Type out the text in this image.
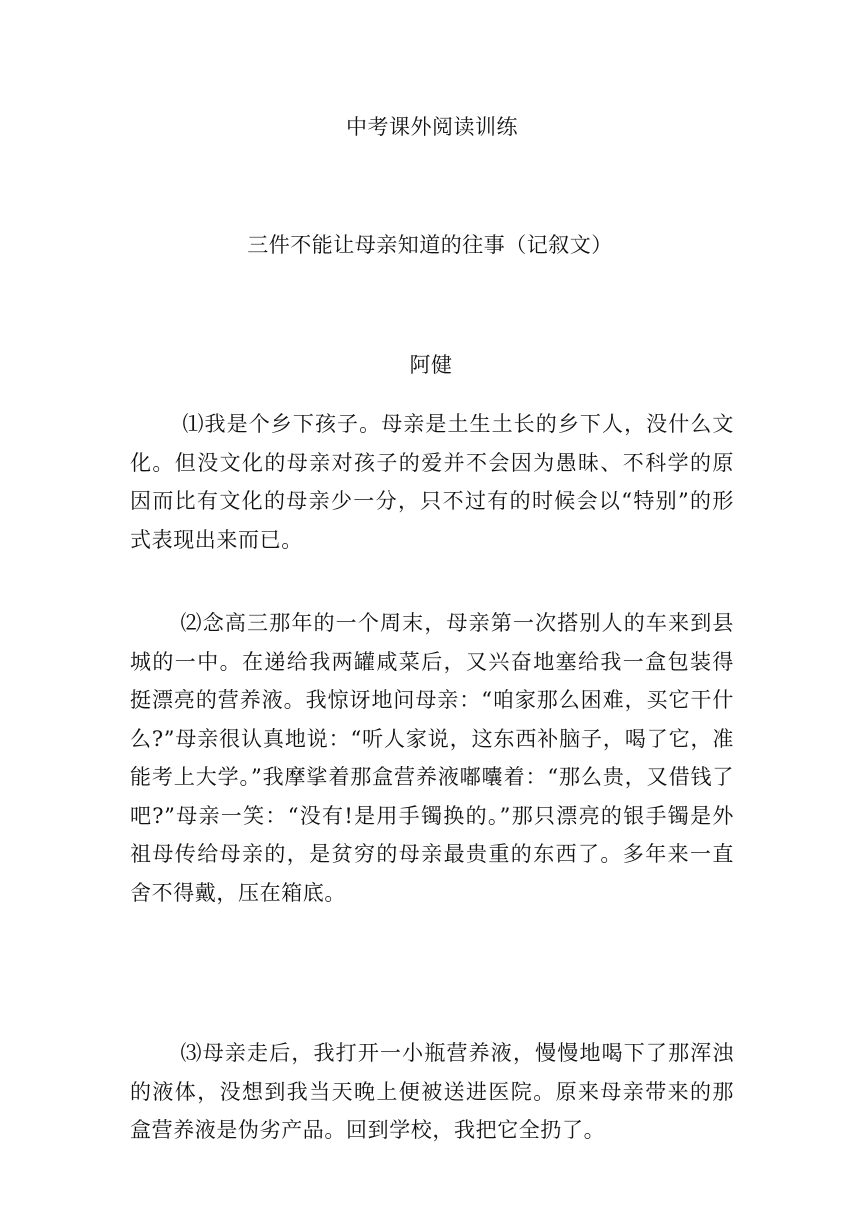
中考课外阅读训练
三件不能让母亲知道的往事（记叙文）
阿健

⑴我是个乡下孩子。母亲是土生土长的乡下人，没什么文化。但没文化的母亲对孩子的爱并不会因为愚昧、不科学的原因而比有文化的母亲少一分，只不过有的时候会以“特别”的形式表现出来而已。

⑵念高三那年的一个周末，母亲第一次搭别人的车来到县城的一中。在递给我两罐咸菜后，又兴奋地塞给我一盒包装得挺漂亮的营养液。我惊讶地问母亲：“咱家那么困难，买它干什么?”母亲很认真地说：“听人家说，这东西补脑子，喝了它，准能考上大学。”我摩挲着那盒营养液嘟囔着：“那么贵，又借钱了吧?”母亲一笑：“没有!是用手镯换的。”那只漂亮的银手镯是外祖母传给母亲的，是贫穷的母亲最贵重的东西了。多年来一直舍不得戴，压在箱底。

⑶母亲走后，我打开一小瓶营养液，慢慢地喝下了那浑浊的液体，没想到我当天晚上便被送进医院。原来母亲带来的那盒营养液是伪劣产品。回到学校，我把它全扔了。
